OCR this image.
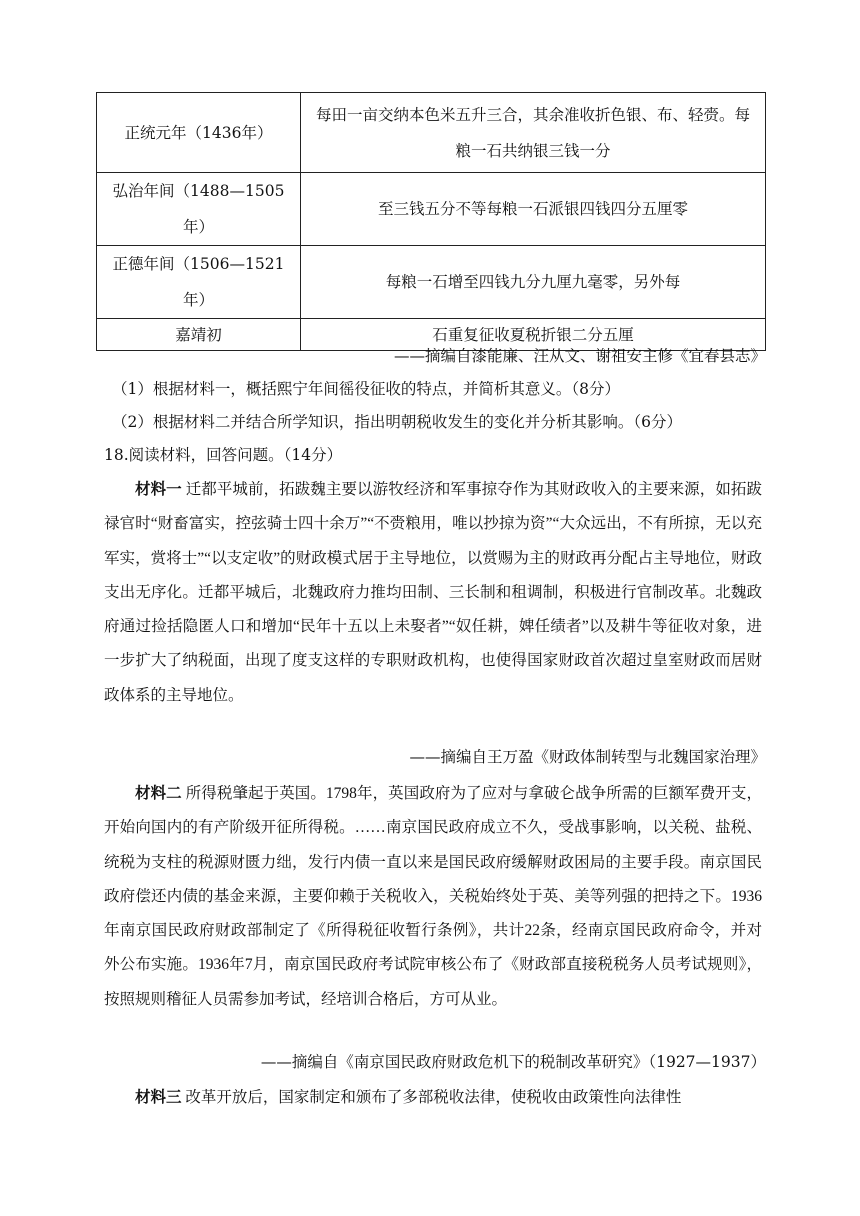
正统元年（1436年）	每田一亩交纳本色米五升三合，其余准收折色银、布、轻赍。每粮一石共纳银三钱一分
弘治年间（1488—1505年）	至三钱五分不等每粮一石派银四钱四分五厘零
正德年间（1506—1521年）	每粮一石增至四钱九分九厘九毫零，另外每
嘉靖初	石重复征收夏税折银二分五厘
——摘编自漆能廉、汪从文、谢祖安主修《宜春县志》
（1）根据材料一，概括熙宁年间徭役征收的特点，并简析其意义。（8分）
（2）根据材料二并结合所学知识，指出明朝税收发生的变化并分析其影响。（6分）
18.阅读材料，回答问题。（14分）
材料一 迁都平城前，拓跋魏主要以游牧经济和军事掠夺作为其财政收入的主要来源，如拓跋禄官时“财畜富实，控弦骑士四十余万”“不赍粮用，唯以抄掠为资”“大众远出，不有所掠，无以充军实，赏将士”“以支定收”的财政模式居于主导地位，以赏赐为主的财政再分配占主导地位，财政支出无序化。迁都平城后，北魏政府力推均田制、三长制和租调制，积极进行官制改革。北魏政府通过捡括隐匿人口和增加“民年十五以上未娶者”“奴任耕，婢任绩者”以及耕牛等征收对象，进一步扩大了纳税面，出现了度支这样的专职财政机构，也使得国家财政首次超过皇室财政而居财政体系的主导地位。
——摘编自王万盈《财政体制转型与北魏国家治理》
材料二 所得税肇起于英国。1798年，英国政府为了应对与拿破仑战争所需的巨额军费开支，开始向国内的有产阶级开征所得税。……南京国民政府成立不久，受战事影响，以关税、盐税、统税为支柱的税源财匮力绌，发行内债一直以来是国民政府缓解财政困局的主要手段。南京国民政府偿还内债的基金来源，主要仰赖于关税收入，关税始终处于英、美等列强的把持之下。1936年南京国民政府财政部制定了《所得税征收暂行条例》，共计22条，经南京国民政府命令，并对外公布实施。1936年7月，南京国民政府考试院审核公布了《财政部直接税税务人员考试规则》，按照规则稽征人员需参加考试，经培训合格后，方可从业。
——摘编自《南京国民政府财政危机下的税制改革研究》（1927—1937）
材料三 改革开放后，国家制定和颁布了多部税收法律，使税收由政策性向法律性
